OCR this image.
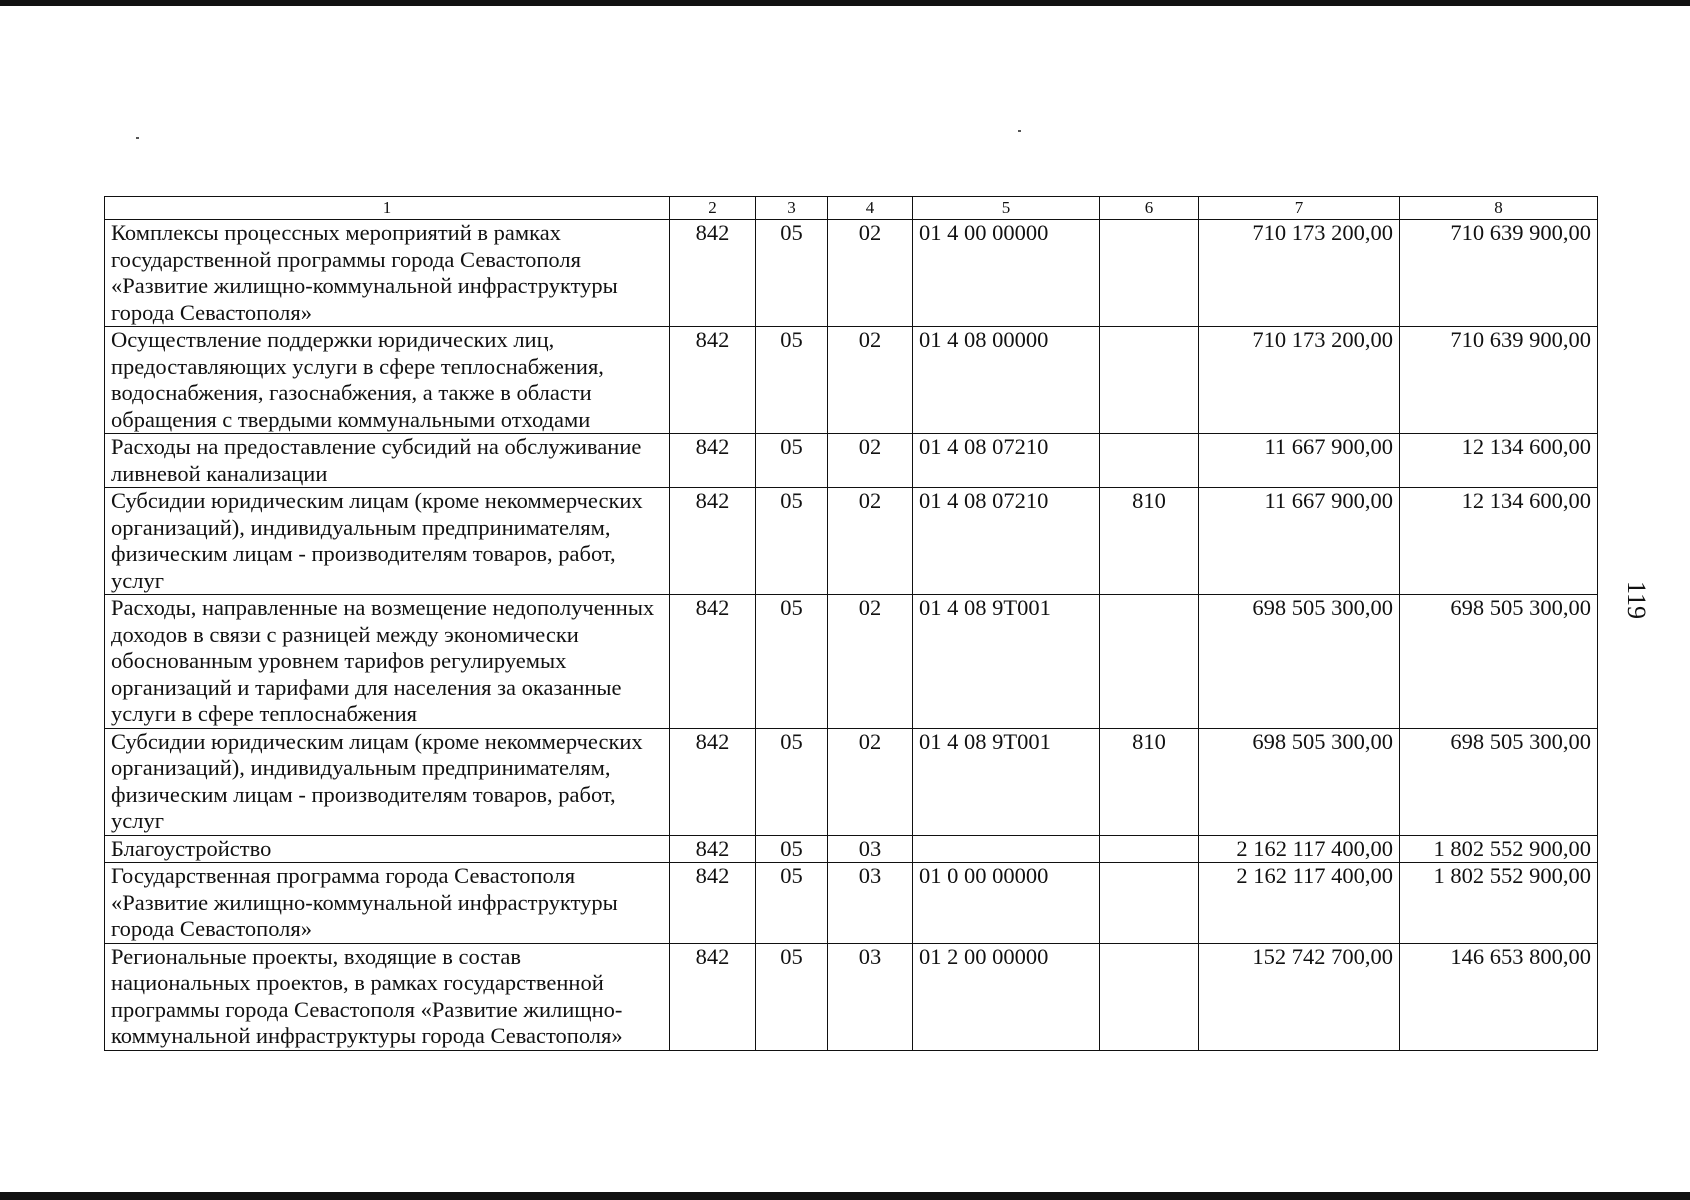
119
1	2	3	4	5	6	7	8
Комплексы процессных мероприятий в рамках государственной программы города Севастополя «Развитие жилищно-коммунальной инфраструктуры города Севастополя»	842	05	02	01 4 00 00000		710 173 200,00	710 639 900,00
Осуществление поддержки юридических лиц, предоставляющих услуги в сфере теплоснабжения, водоснабжения, газоснабжения, а также в области обращения с твердыми коммунальными отходами	842	05	02	01 4 08 00000		710 173 200,00	710 639 900,00
Расходы на предоставление субсидий на обслуживание ливневой канализации	842	05	02	01 4 08 07210		11 667 900,00	12 134 600,00
Субсидии юридическим лицам (кроме некоммерческих организаций), индивидуальным предпринимателям, физическим лицам - производителям товаров, работ, услуг	842	05	02	01 4 08 07210	810	11 667 900,00	12 134 600,00
Расходы, направленные на возмещение недополученных доходов в связи с разницей между экономически обоснованным уровнем тарифов регулируемых организаций и тарифами для населения за оказанные услуги в сфере теплоснабжения	842	05	02	01 4 08 9T001		698 505 300,00	698 505 300,00
Субсидии юридическим лицам (кроме некоммерческих организаций), индивидуальным предпринимателям, физическим лицам - производителям товаров, работ, услуг	842	05	02	01 4 08 9T001	810	698 505 300,00	698 505 300,00
Благоустройство	842	05	03			2 162 117 400,00	1 802 552 900,00
Государственная программа города Севастополя «Развитие жилищно-коммунальной инфраструктуры города Севастополя»	842	05	03	01 0 00 00000		2 162 117 400,00	1 802 552 900,00
Региональные проекты, входящие в состав национальных проектов, в рамках государственной программы города Севастополя «Развитие жилищно-коммунальной инфраструктуры города Севастополя»	842	05	03	01 2 00 00000		152 742 700,00	146 653 800,00
